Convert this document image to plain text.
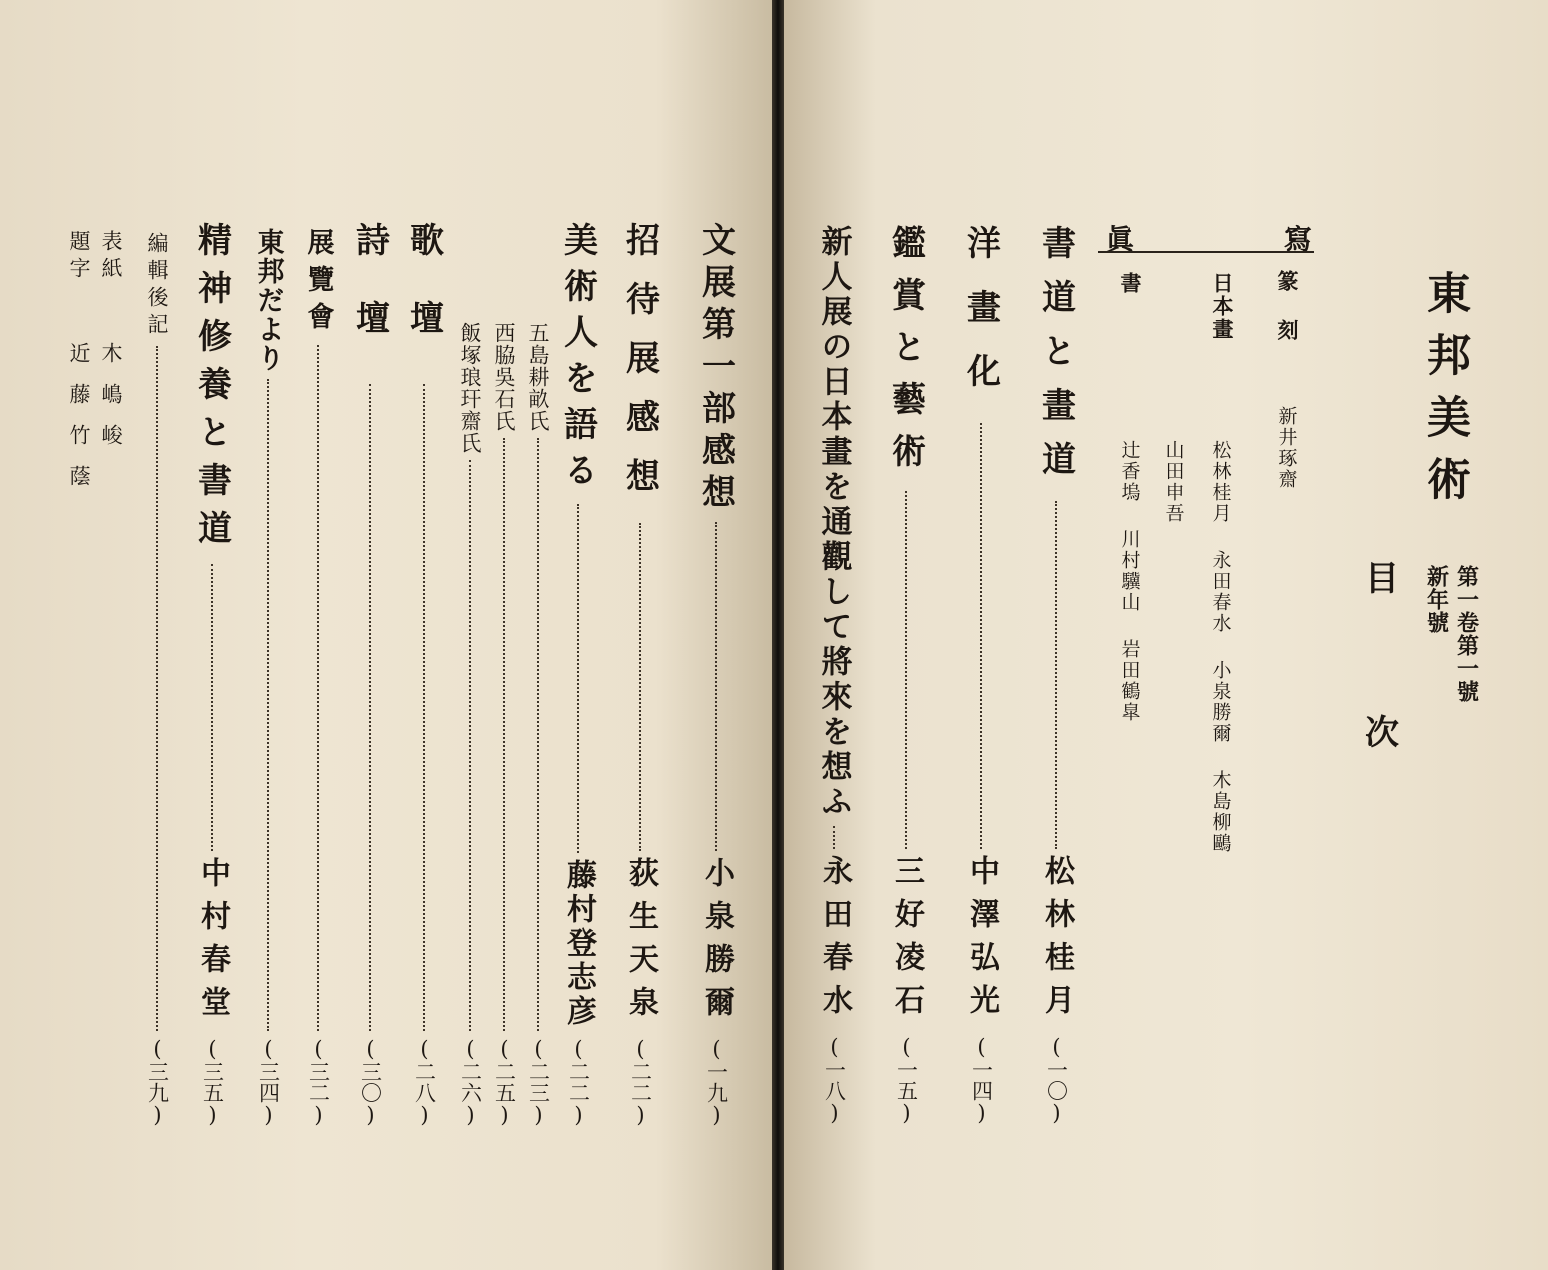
東邦美術
第一卷第一號
新年號
目次
寫
眞
篆刻
新井琢齋
日本畫
松林桂月
永田春水
小泉勝爾
木島柳鷗
山田申吾
書
辻香塢
川村驥山
岩田鶴皐
書道と畫道
松林桂月
(一〇)
洋畫化
中澤弘光
(一四)
鑑賞と藝術
三好凌石
(一五)
新人展の日本畫を通觀して將來を想ふ
永田春水
(一八)
文展第一部感想
小泉勝爾
(一九)
招待展感想
荻生天泉
(二二)
美術人を語る
藤村登志彦
(二二)
五島耕畝氏
(二三)
西脇吳石氏
(二五)
飯塚琅玕齋氏
(二六)
歌壇
(二八)
詩壇
(三〇)
展覽會
(三二)
東邦だより
(三四)
精神修養と書道
中村春堂
(三五)
編輯後記
(三九)
表紙
木嶋峻
題字
近藤竹蔭
